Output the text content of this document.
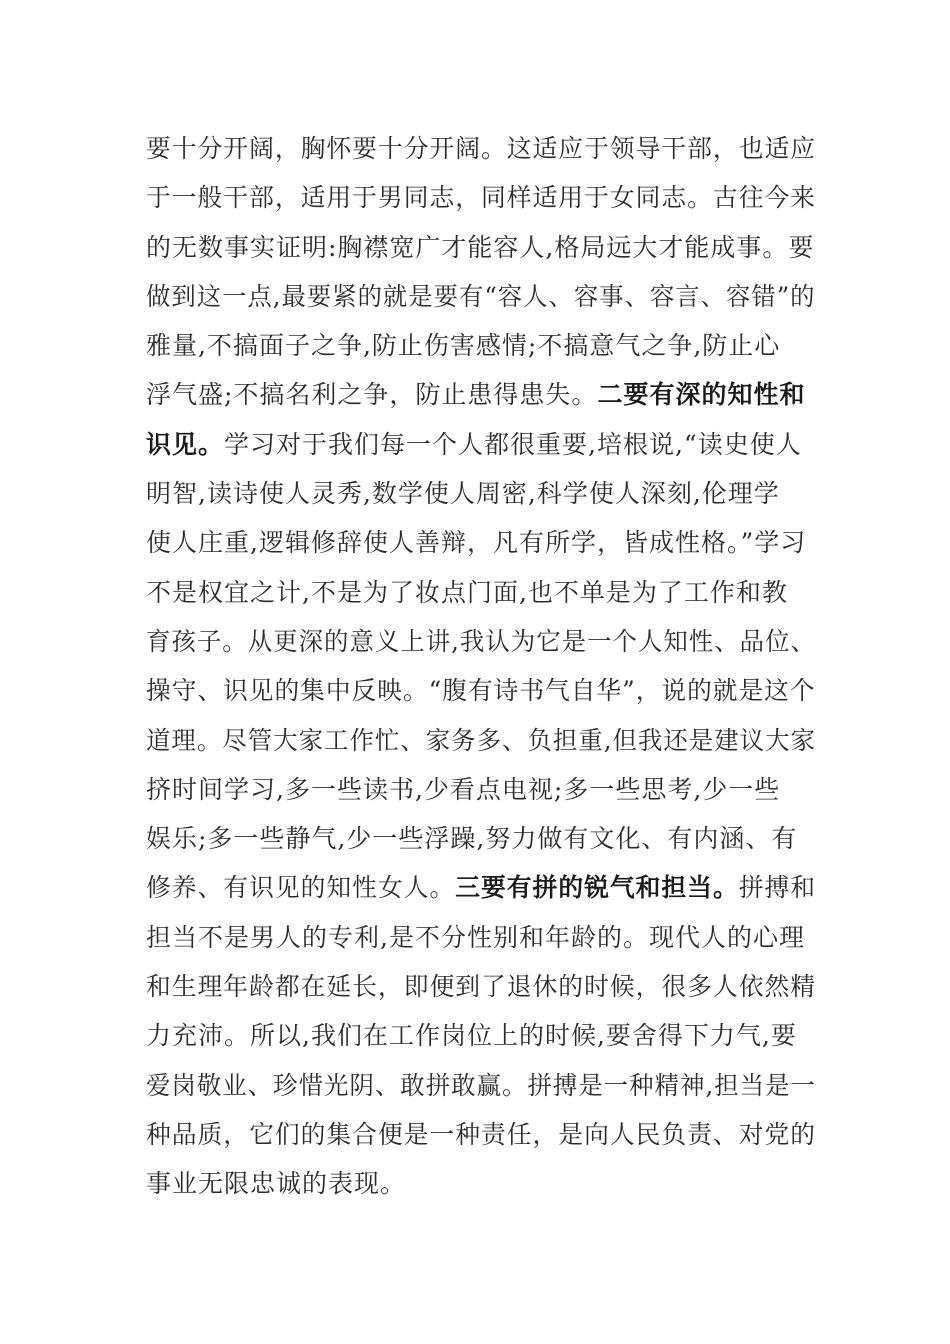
要十分开阔，胸怀要十分开阔。这适应于领导干部，也适应
于一般干部，适用于男同志，同样适用于女同志。古往今来
的无数事实证明:胸襟宽广才能容人,格局远大才能成事。要
做到这一点,最要紧的就是要有“容人、容事、容言、容错”的
雅量,不搞面子之争,防止伤害感情;不搞意气之争,防止心
浮气盛;不搞名利之争，防止患得患失。二要有深的知性和
识见。学习对于我们每一个人都很重要,培根说,“读史使人
明智,读诗使人灵秀,数学使人周密,科学使人深刻,伦理学
使人庄重,逻辑修辞使人善辩，凡有所学，皆成性格。”学习
不是权宜之计,不是为了妆点门面,也不单是为了工作和教
育孩子。从更深的意义上讲,我认为它是一个人知性、品位、
操守、识见的集中反映。“腹有诗书气自华”，说的就是这个
道理。尽管大家工作忙、家务多、负担重,但我还是建议大家
挤时间学习,多一些读书,少看点电视;多一些思考,少一些
娱乐;多一些静气,少一些浮躁,努力做有文化、有内涵、有
修养、有识见的知性女人。三要有拼的锐气和担当。拼搏和
担当不是男人的专利,是不分性别和年龄的。现代人的心理
和生理年龄都在延长，即便到了退休的时候，很多人依然精
力充沛。所以,我们在工作岗位上的时候,要舍得下力气,要
爱岗敬业、珍惜光阴、敢拼敢赢。拼搏是一种精神,担当是一
种品质，它们的集合便是一种责任，是向人民负责、对党的
事业无限忠诚的表现。
